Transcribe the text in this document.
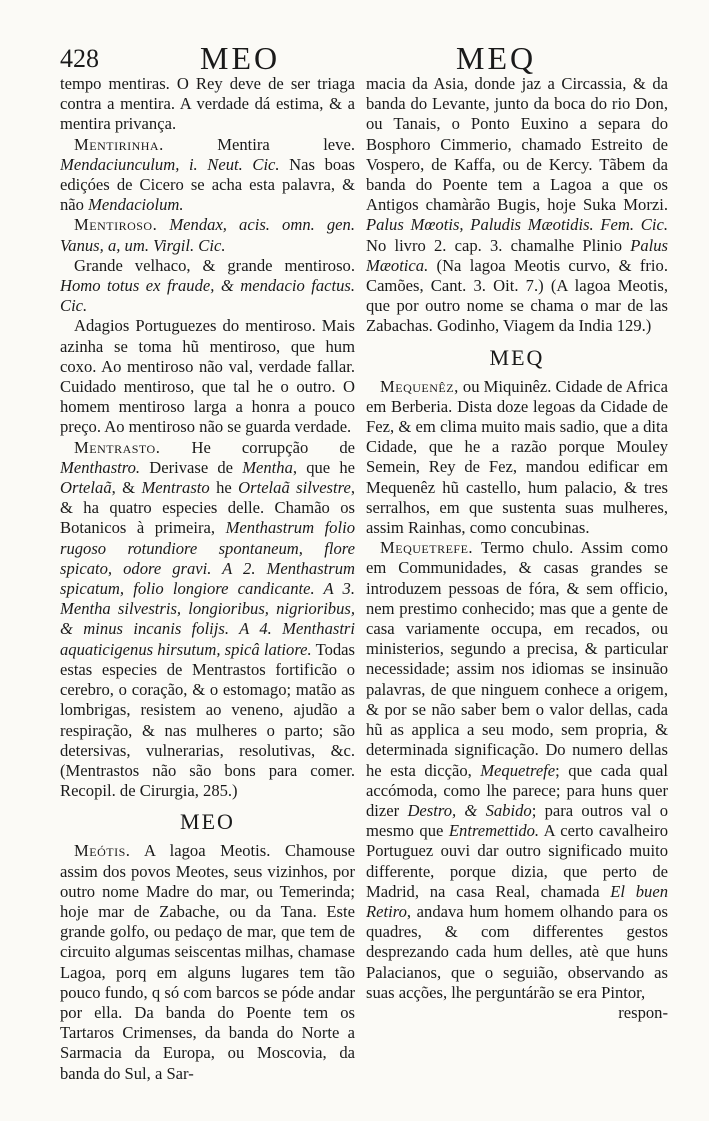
428	MEO	MEQ

tempo mentiras. O Rey deve de ser triaga contra a mentira. A verdade dá estima, & a mentira privança.

Mentirinha. Mentira leve. Mendaciunculum, i. Neut. Cic. Nas boas ediçóes de Cicero se acha esta palavra, & não Mendaciolum.

Mentiroso. Mendax, acis. omn. gen. Vanus, a, um. Virgil. Cic.

Grande velhaco, & grande mentiroso. Homo totus ex fraude, & mendacio factus. Cic.

Adagios Portuguezes do mentiroso. Mais azinha se toma hũ mentiroso, que hum coxo. Ao mentiroso não val, verdade fallar. Cuidado mentiroso, que tal he o outro. O homem mentiroso larga a honra a pouco preço. Ao mentiroso não se guarda verdade.

Mentrasto. He corrupção de Menthastro. Derivase de Mentha, que he Ortelaã, & Mentrasto he Ortelaã silvestre, & ha quatro especies delle. Chamão os Botanicos à primeira, Menthastrum folio rugoso rotundiore spontaneum, flore spicato, odore gravi. A 2. Menthastrum spicatum, folio longiore candicante. A 3. Mentha silvestris, longioribus, nigrioribus, & minus incanis folijs. A 4. Menthastri aquaticigenus hirsutum, spicâ latiore. Todas estas especies de Mentrastos fortificão o cerebro, o coração, & o estomago; matão as lombrigas, resistem ao veneno, ajudão a respiração, & nas mulheres o parto; são detersivas, vulnerarias, resolutivas, &c. (Mentrastos não são bons para comer. Recopil. de Cirurgia, 285.)

MEO

Meótis. A lagoa Meotis. Chamouse assim dos povos Meotes, seus vizinhos, por outro nome Madre do mar, ou Temerinda; hoje mar de Zabache, ou da Tana. Este grande golfo, ou pedaço de mar, que tem de circuito algumas seiscentas milhas, chamase Lagoa, porq em alguns lugares tem tão pouco fundo, q só com barcos se póde andar por ella. Da banda do Poente tem os Tartaros Crimenses, da banda do Norte a Sarmacia da Europa, ou Moscovia, da banda do Sul, a Sar-

macia da Asia, donde jaz a Circassia, & da banda do Levante, junto da boca do rio Don, ou Tanais, o Ponto Euxino a separa do Bosphoro Cimmerio, chamado Estreito de Vospero, de Kaffa, ou de Kercy. Tãbem da banda do Poente tem a Lagoa a que os Antigos chamàrão Bugis, hoje Suka Morzi. Palus Mœotis, Paludis Mæotidis. Fem. Cic. No livro 2. cap. 3. chamalhe Plinio Palus Mæotica. (Na lagoa Meotis curvo, & frio. Camões, Cant. 3. Oit. 7.) (A lagoa Meotis, que por outro nome se chama o mar de las Zabachas. Godinho, Viagem da India 129.)

MEQ

Mequenêz, ou Miquinêz. Cidade de Africa em Berberia. Dista doze legoas da Cidade de Fez, & em clima muito mais sadio, que a dita Cidade, que he a razão porque Mouley Semein, Rey de Fez, mandou edificar em Mequenêz hũ castello, hum palacio, & tres serralhos, em que sustenta suas mulheres, assim Rainhas, como concubinas.

Mequetrefe. Termo chulo. Assim como em Communidades, & casas grandes se introduzem pessoas de fóra, & sem officio, nem prestimo conhecido; mas que a gente de casa variamente occupa, em recados, ou ministerios, segundo a precisa, & particular necessidade; assim nos idiomas se insinuão palavras, de que ninguem conhece a origem, & por se não saber bem o valor dellas, cada hũ as applica a seu modo, sem propria, & determinada significação. Do numero dellas he esta dicção, Mequetrefe; que cada qual accómoda, como lhe parece; para huns quer dizer Destro, & Sabido; para outros val o mesmo que Entremettido. A certo cavalheiro Portuguez ouvi dar outro significado muito differente, porque dizia, que perto de Madrid, na casa Real, chamada El buen Retiro, andava hum homem olhando para os quadres, & com differentes gestos desprezando cada hum delles, atè que huns Palacianos, que o seguião, observando as suas acções, lhe perguntárão se era Pintor,

respon-
